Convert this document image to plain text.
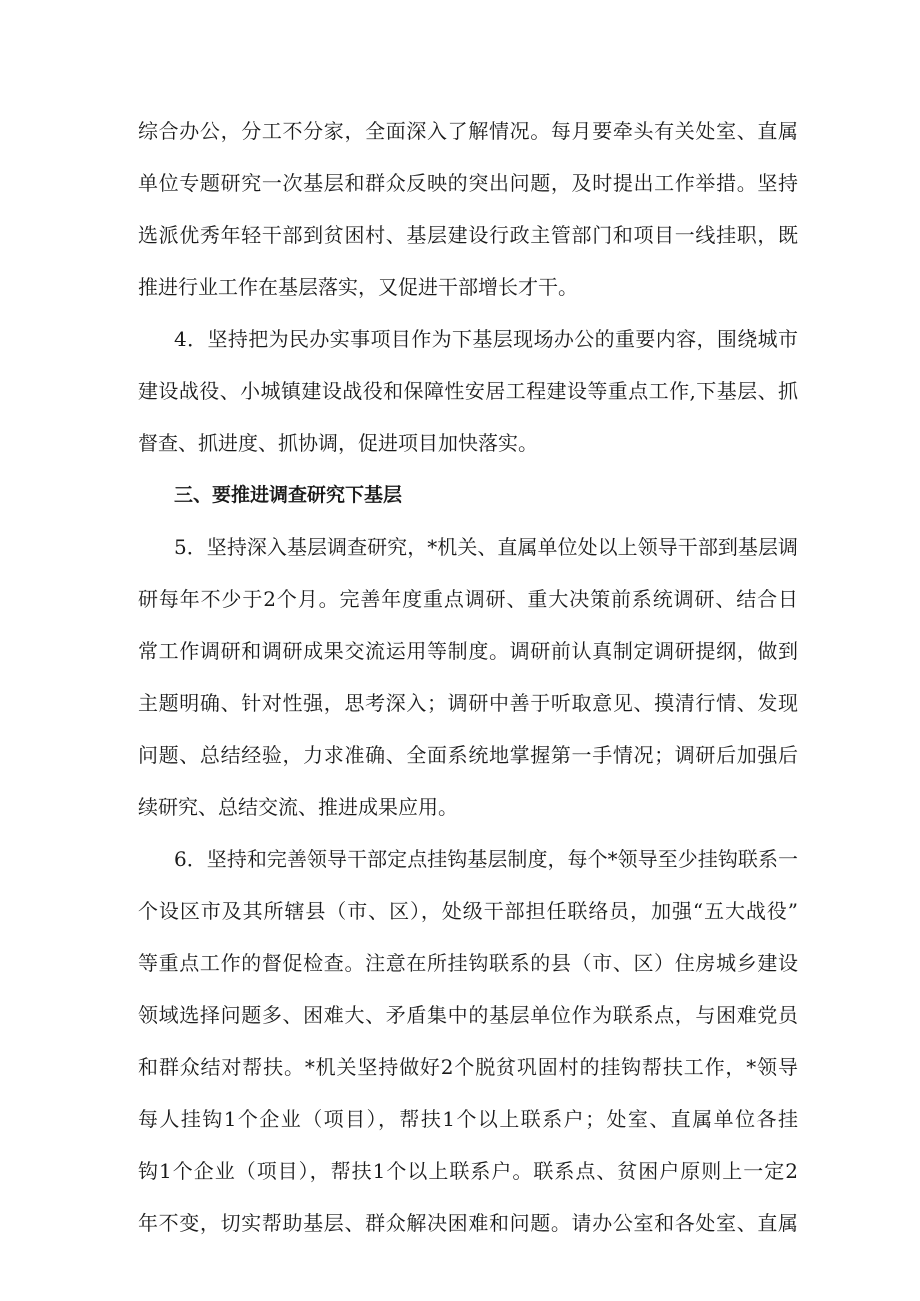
综合办公，分工不分家，全面深入了解情况。每月要牵头有关处室、直属
单位专题研究一次基层和群众反映的突出问题，及时提出工作举措。坚持
选派优秀年轻干部到贫困村、基层建设行政主管部门和项目一线挂职，既
推进行业工作在基层落实，又促进干部增长才干。
4．坚持把为民办实事项目作为下基层现场办公的重要内容，围绕城市
建设战役、小城镇建设战役和保障性安居工程建设等重点工作,下基层、抓
督查、抓进度、抓协调，促进项目加快落实。
三、要推进调查研究下基层
5．坚持深入基层调查研究，*机关、直属单位处以上领导干部到基层调
研每年不少于2个月。完善年度重点调研、重大决策前系统调研、结合日
常工作调研和调研成果交流运用等制度。调研前认真制定调研提纲，做到
主题明确、针对性强，思考深入；调研中善于听取意见、摸清行情、发现
问题、总结经验，力求准确、全面系统地掌握第一手情况；调研后加强后
续研究、总结交流、推进成果应用。
6．坚持和完善领导干部定点挂钩基层制度，每个*领导至少挂钩联系一
个设区市及其所辖县（市、区），处级干部担任联络员，加强“五大战役”
等重点工作的督促检查。注意在所挂钩联系的县（市、区）住房城乡建设
领域选择问题多、困难大、矛盾集中的基层单位作为联系点，与困难党员
和群众结对帮扶。*机关坚持做好2个脱贫巩固村的挂钩帮扶工作，*领导
每人挂钩1个企业（项目），帮扶1个以上联系户；处室、直属单位各挂
钩1个企业（项目），帮扶1个以上联系户。联系点、贫困户原则上一定2
年不变，切实帮助基层、群众解决困难和问题。请办公室和各处室、直属
